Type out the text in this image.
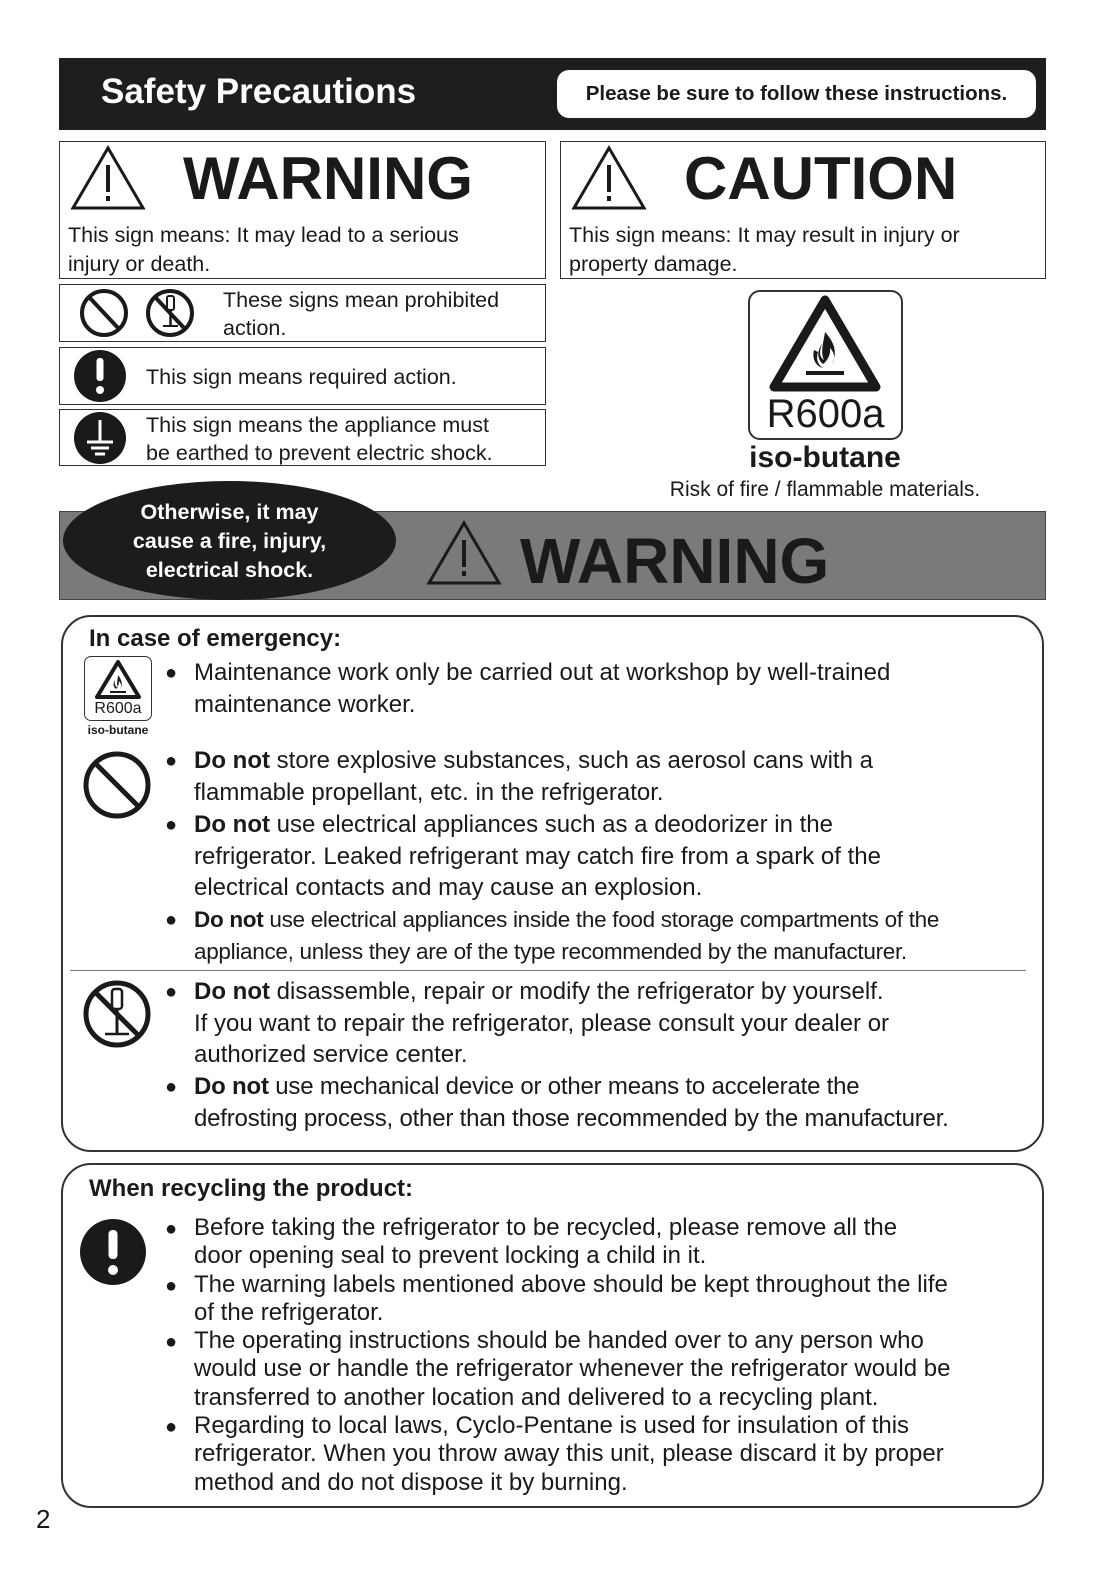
Safety Precautions	Please be sure to follow these instructions.
WARNING
This sign means: It may lead to a serious
injury or death.
CAUTION
This sign means: It may result in injury or
property damage.
These signs mean prohibited
action.
This sign means required action.
This sign means the appliance must
be earthed to prevent electric shock.
R600a
iso-butane
Risk of fire / flammable materials.
Otherwise, it may
cause a fire, injury,
electrical shock.	WARNING
In case of emergency:
R600a
iso-butane
● Maintenance work only be carried out at workshop by well-trained
maintenance worker.
● Do not store explosive substances, such as aerosol cans with a
flammable propellant, etc. in the refrigerator.
● Do not use electrical appliances such as a deodorizer in the
refrigerator. Leaked refrigerant may catch fire from a spark of the
electrical contacts and may cause an explosion.
● Do not use electrical appliances inside the food storage compartments of the
appliance, unless they are of the type recommended by the manufacturer.
● Do not disassemble, repair or modify the refrigerator by yourself.
If you want to repair the refrigerator, please consult your dealer or
authorized service center.
● Do not use mechanical device or other means to accelerate the
defrosting process, other than those recommended by the manufacturer.
When recycling the product:
● Before taking the refrigerator to be recycled, please remove all the
door opening seal to prevent locking a child in it.
● The warning labels mentioned above should be kept throughout the life
of the refrigerator.
● The operating instructions should be handed over to any person who
would use or handle the refrigerator whenever the refrigerator would be
transferred to another location and delivered to a recycling plant.
● Regarding to local laws, Cyclo-Pentane is used for insulation of this
refrigerator. When you throw away this unit, please discard it by proper
method and do not dispose it by burning.
2
